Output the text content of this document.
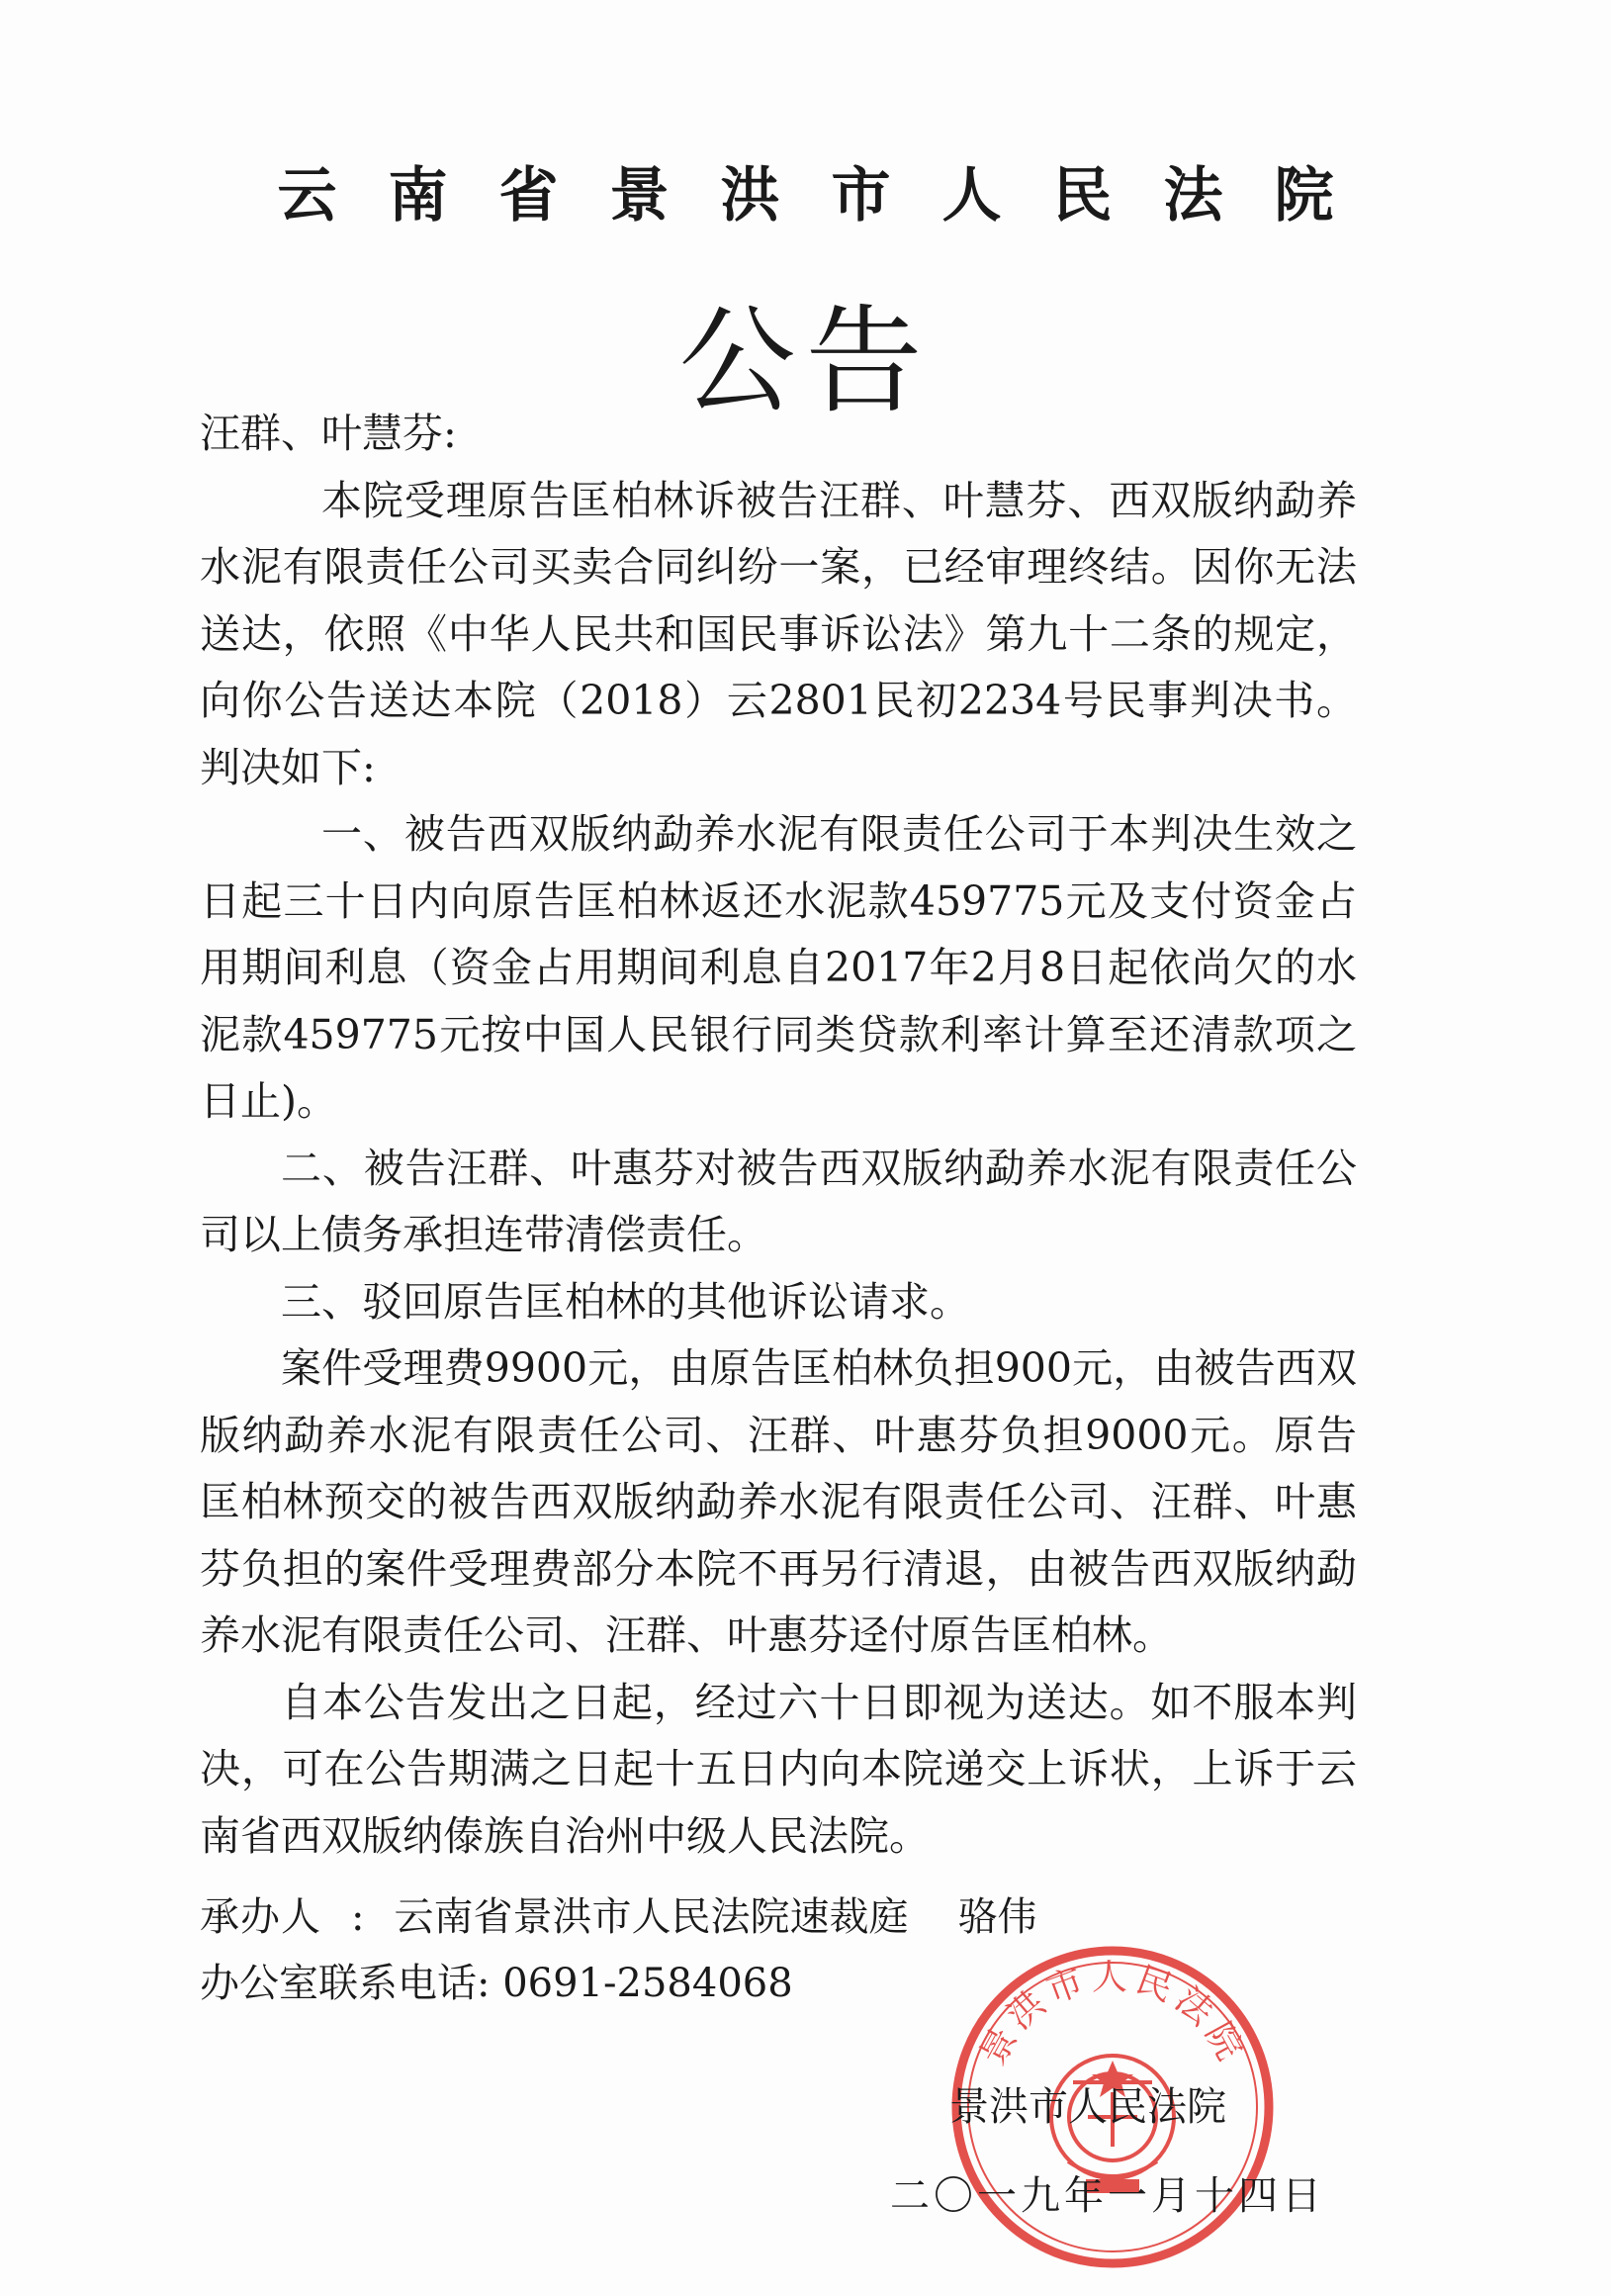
云南省景洪市人民法院
公告

汪群、叶慧芬:

本院受理原告匡柏林诉被告汪群、叶慧芬、西双版纳勐养水泥有限责任公司买卖合同纠纷一案，已经审理终结。因你无法送达，依照《中华人民共和国民事诉讼法》第九十二条的规定，向你公告送达本院（2018）云2801民初2234号民事判决书。判决如下:

一、被告西双版纳勐养水泥有限责任公司于本判决生效之日起三十日内向原告匡柏林返还水泥款459775元及支付资金占用期间利息（资金占用期间利息自2017年2月8日起依尚欠的水泥款459775元按中国人民银行同类贷款利率计算至还清款项之日止)。

二、被告汪群、叶惠芬对被告西双版纳勐养水泥有限责任公司以上债务承担连带清偿责任。

三、驳回原告匡柏林的其他诉讼请求。

案件受理费9900元，由原告匡柏林负担900元，由被告西双版纳勐养水泥有限责任公司、汪群、叶惠芬负担9000元。原告匡柏林预交的被告西双版纳勐养水泥有限责任公司、汪群、叶惠芬负担的案件受理费部分本院不再另行清退，由被告西双版纳勐养水泥有限责任公司、汪群、叶惠芬迳付原告匡柏林。

自本公告发出之日起，经过六十日即视为送达。如不服本判决，可在公告期满之日起十五日内向本院递交上诉状，上诉于云南省西双版纳傣族自治州中级人民法院。

承办人 : 云南省景洪市人民法院速裁庭 骆伟
办公室联系电话: 0691-2584068
景洪市人民法院
景洪市人民法院
二〇一九年一月十四日
